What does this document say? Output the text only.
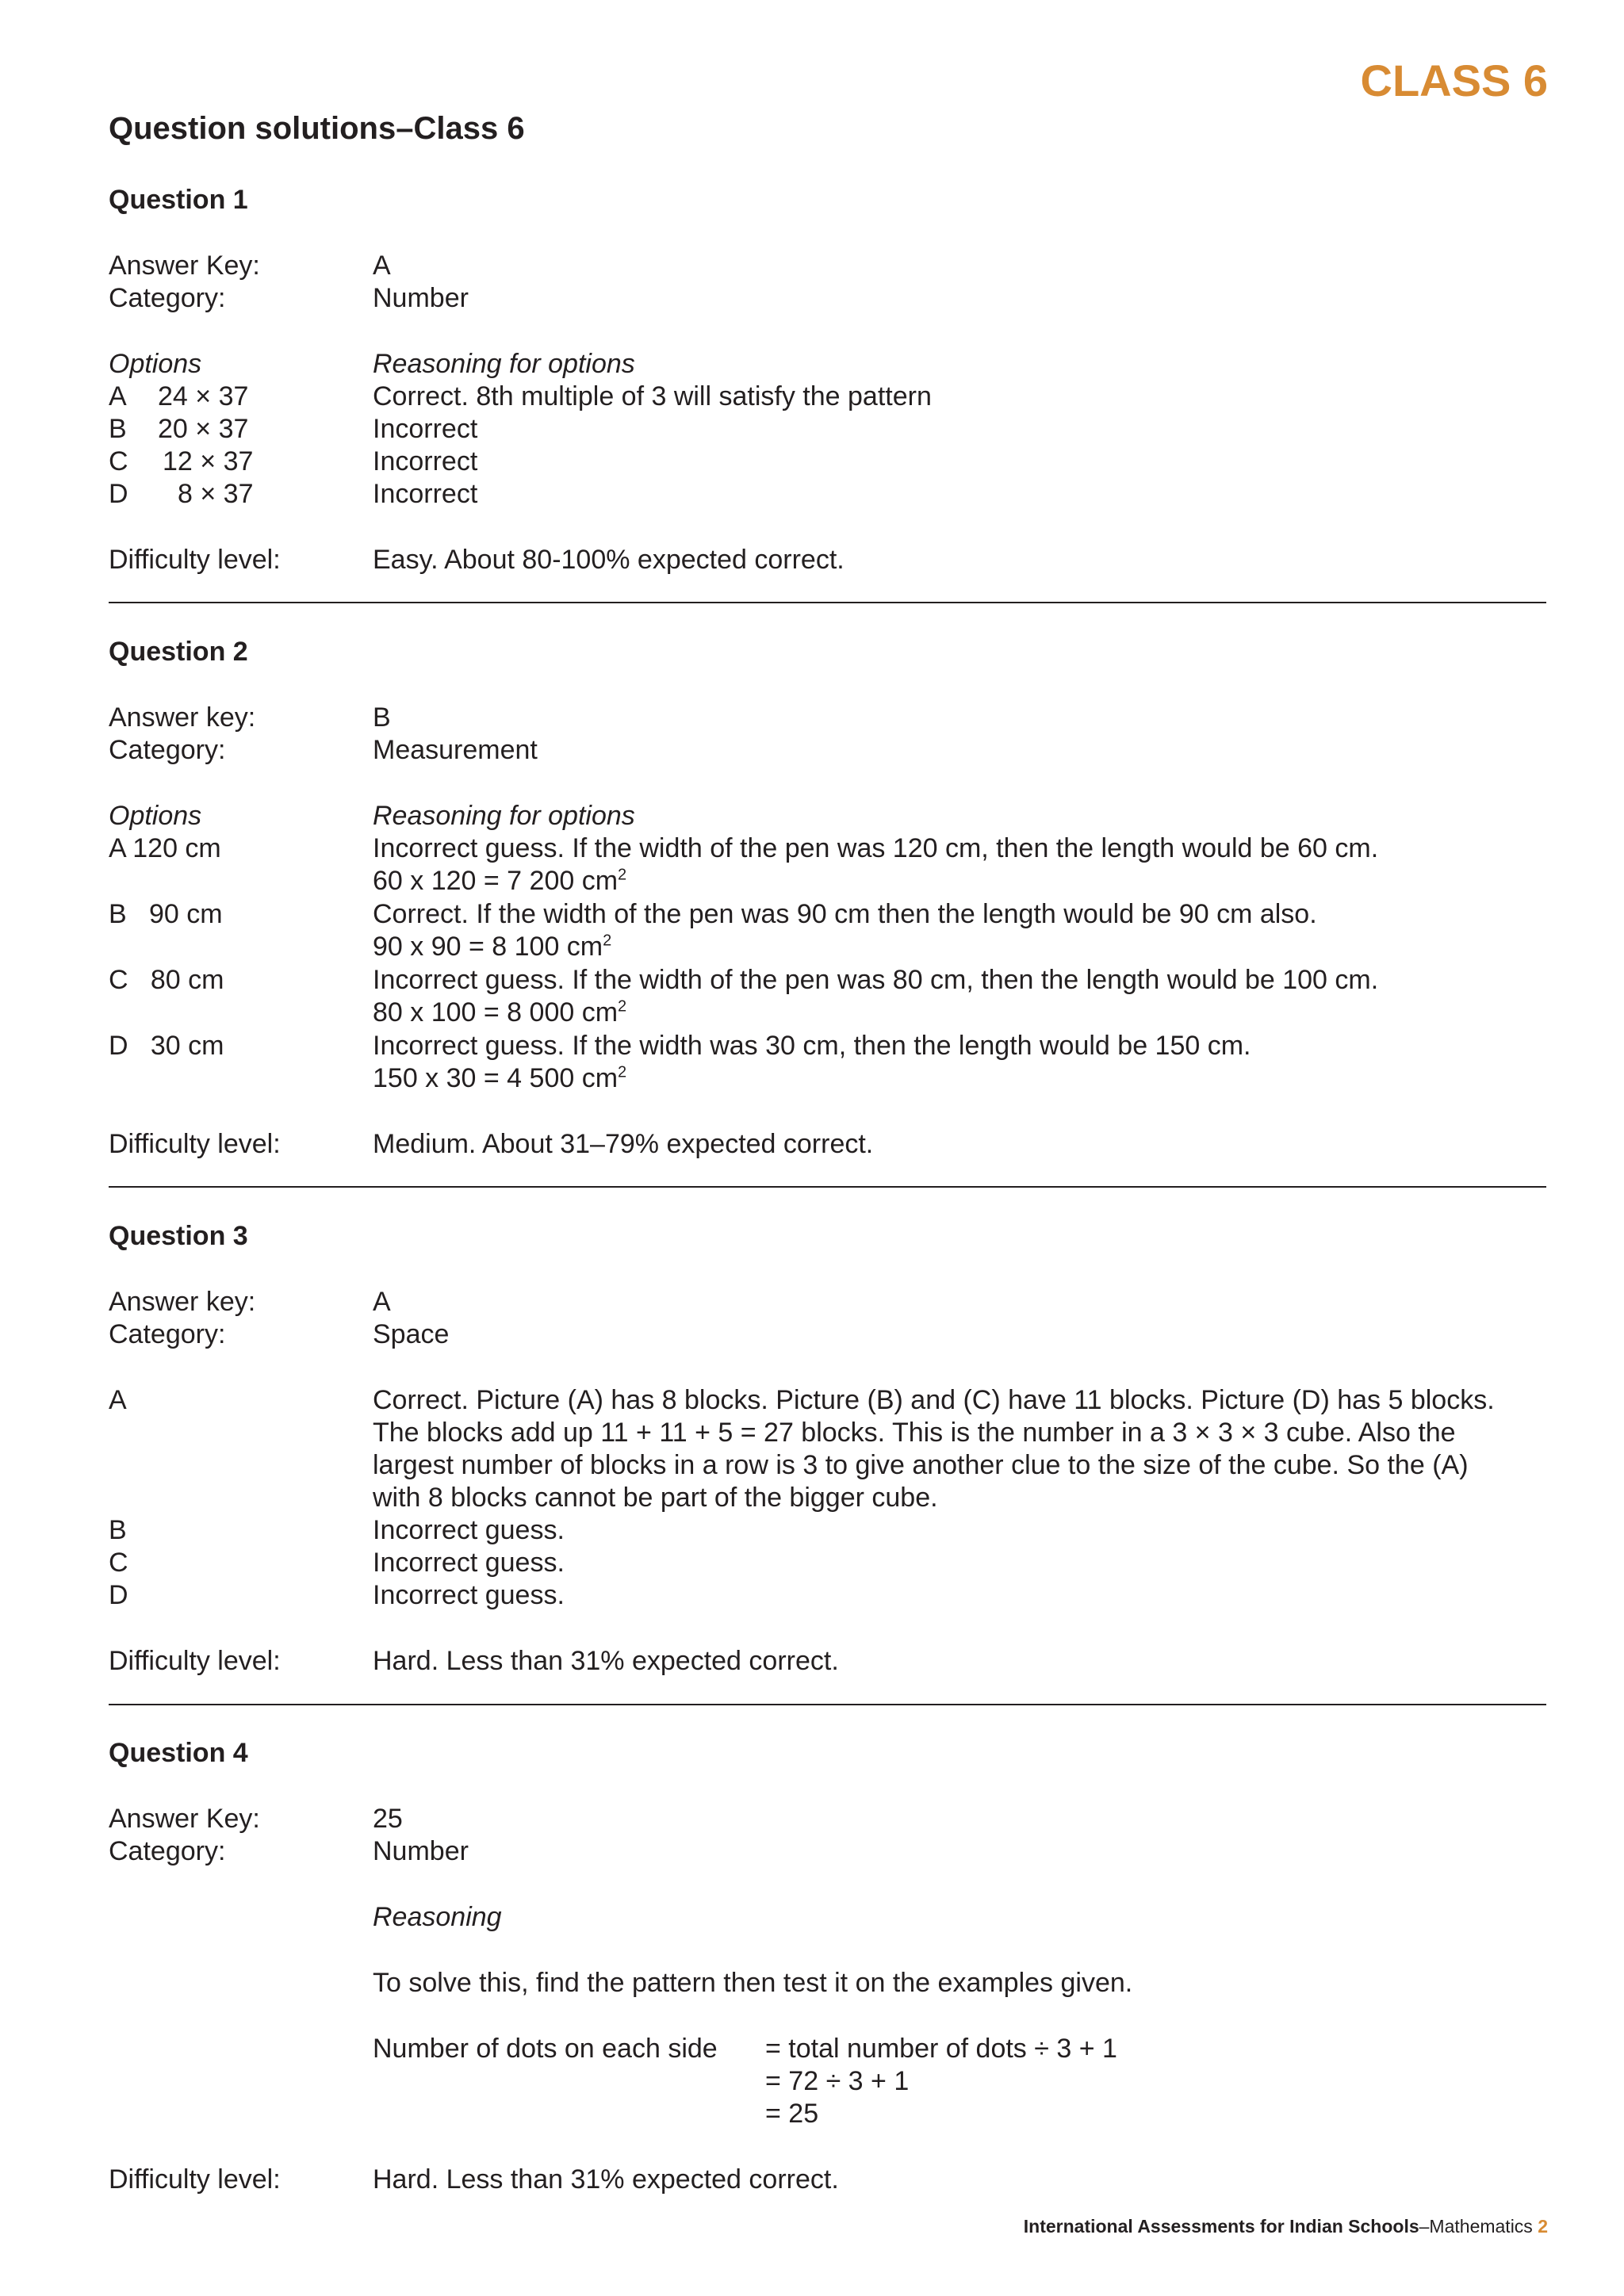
CLASS 6
Question solutions–Class 6
Question 1
Answer Key:	A
Category:	Number
Options	Reasoning for options
A 24 × 37	Correct. 8th multiple of 3 will satisfy the pattern
B 20 × 37	Incorrect
C 12 × 37	Incorrect
D 8 × 37	Incorrect
Difficulty level:	Easy. About 80-100% expected correct.
Question 2
Answer key:	B
Category:	Measurement
Options	Reasoning for options
A 120 cm	Incorrect guess. If the width of the pen was 120 cm, then the length would be 60 cm.
60 x 120 = 7 200 $cm^2$
B   90 cm	Correct. If the width of the pen was 90 cm then the length would be 90 cm also.
90 x 90 = 8 100 $cm^2$
C   80 cm	Incorrect guess. If the width of the pen was 80 cm, then the length would be 100 cm.
80 x 100 = 8 000 $cm^2$
D   30 cm	Incorrect guess. If the width was 30 cm, then the length would be 150 cm.
150 x 30 = 4 500 $cm^2$
Difficulty level:	Medium. About 31–79% expected correct.
Question 3
Answer key:	A
Category:	Space
A	Correct. Picture (A) has 8 blocks. Picture (B) and (C) have 11 blocks. Picture (D) has 5 blocks.
The blocks add up 11 + 11 + 5 = 27 blocks. This is the number in a 3 × 3 × 3 cube. Also the
largest number of blocks in a row is 3 to give another clue to the size of the cube. So the (A)
with 8 blocks cannot be part of the bigger cube.
B	Incorrect guess.
C	Incorrect guess.
D	Incorrect guess.
Difficulty level:	Hard. Less than 31% expected correct.
Question 4
Answer Key:	25
Category:	Number
Reasoning
To solve this, find the pattern then test it on the examples given.
Number of dots on each side = total number of dots ÷ 3 + 1
= 72 ÷ 3 + 1
= 25
Difficulty level:	Hard. Less than 31% expected correct.
International Assessments for Indian Schools–Mathematics 2
